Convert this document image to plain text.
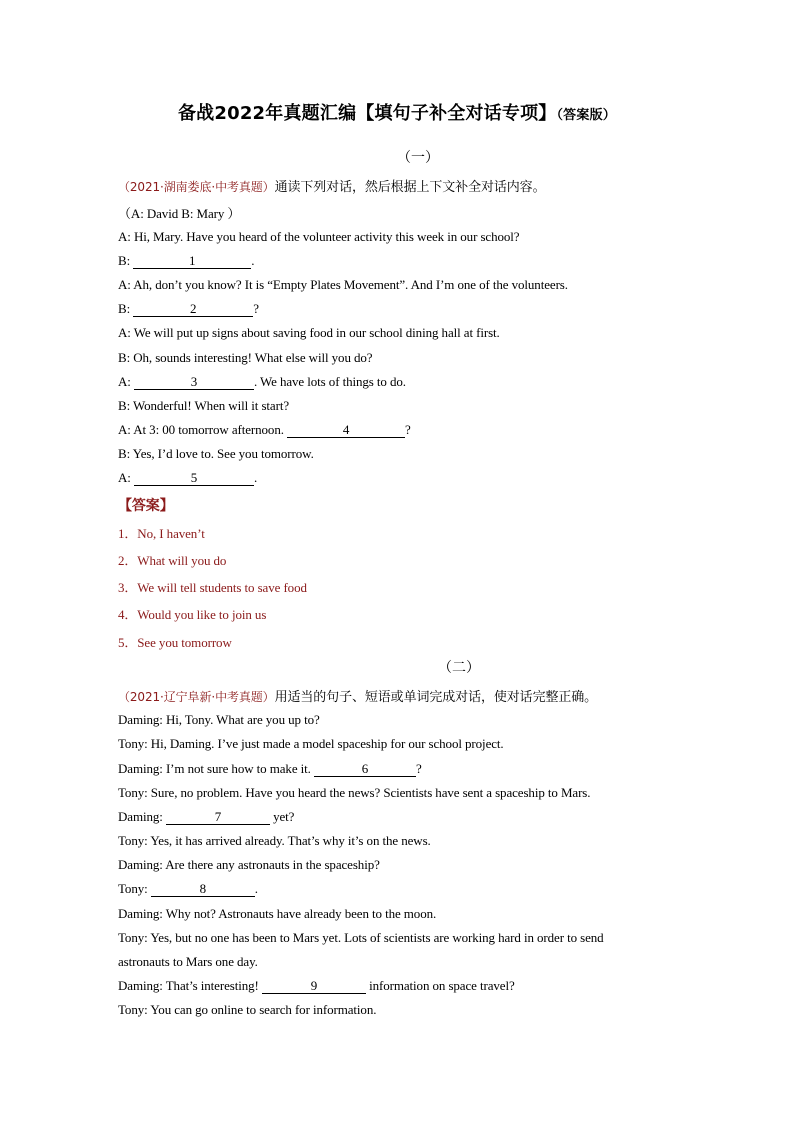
备战2022年真题汇编【填句子补全对话专项】（答案版）
（一）
（2021·湖南娄底·中考真题）通读下列对话，然后根据上下文补全对话内容。
（A: David B: Mary ）
A: Hi, Mary. Have you heard of the volunteer activity this week in our school?
B:	1	.
A: Ah, don’t you know? It is “Empty Plates Movement”. And I’m one of the volunteers.
B:	2	?
A: We will put up signs about saving food in our school dining hall at first.
B: Oh, sounds interesting! What else will you do?
A:	3	. We have lots of things to do.
B: Wonderful! When will it start?
A: At 3: 00 tomorrow afternoon.	4	?
B: Yes, I’d love to. See you tomorrow.
A:	5	.
【答案】
1．No, I haven’t
2．What will you do
3．We will tell students to save food
4．Would you like to join us
5．See you tomorrow
（二）
（2021·辽宁阜新·中考真题）用适当的句子、短语或单词完成对话，使对话完整正确。
Daming: Hi, Tony. What are you up to?
Tony: Hi, Daming. I’ve just made a model spaceship for our school project.
Daming: I’m not sure how to make it.	6	?
Tony: Sure, no problem. Have you heard the news? Scientists have sent a spaceship to Mars.
Daming:	7	yet?
Tony: Yes, it has arrived already. That’s why it’s on the news.
Daming: Are there any astronauts in the spaceship?
Tony:	8	.
Daming: Why not? Astronauts have already been to the moon.
Tony: Yes, but no one has been to Mars yet. Lots of scientists are working hard in order to send
astronauts to Mars one day.
Daming: That’s interesting!	9	information on space travel?
Tony: You can go online to search for information.
